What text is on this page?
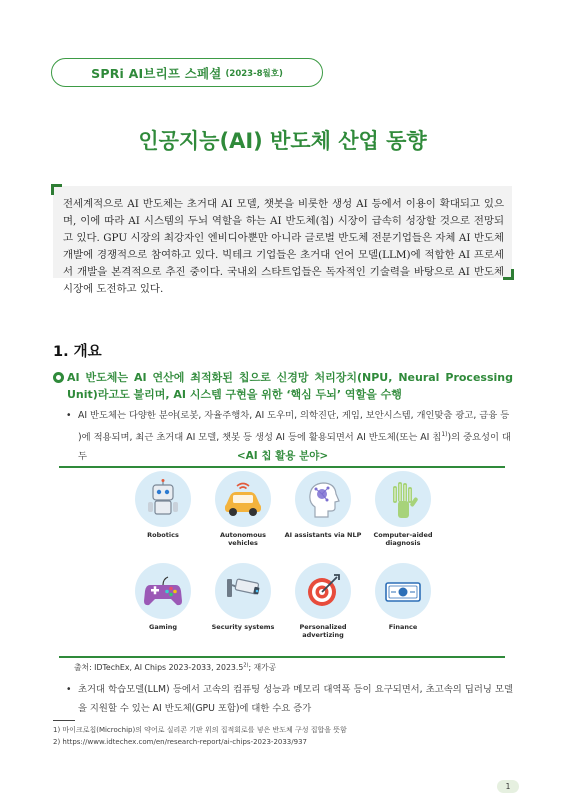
SPRi AI브리프 스페셜 (2023-8월호)
인공지능(AI) 반도체 산업 동향

전세계적으로 AI 반도체는 초거대 AI 모델, 챗봇을 비롯한 생성 AI 등에서 이용이 확대되고 있으며, 이에 따라 AI 시스템의 두뇌 역할을 하는 AI 반도체(칩) 시장이 급속히 성장할 것으로 전망되고 있다. GPU 시장의 최강자인 엔비디아뿐만 아니라 글로벌 반도체 전문기업들은 자체 AI 반도체 개발에 경쟁적으로 참여하고 있다. 빅테크 기업들은 초거대 언어 모델(LLM)에 적합한 AI 프로세서 개발을 본격적으로 추진 중이다. 국내외 스타트업들은 독자적인 기술력을 바탕으로 AI 반도체 시장에 도전하고 있다.

1. 개요

AI 반도체는 AI 연산에 최적화된 칩으로 신경망 처리장치(NPU, Neural Processing Unit)라고도 불리며, AI 시스템 구현을 위한 ‘핵심 두뇌’ 역할을 수행

• AI 반도체는 다양한 분야(로봇, 자율주행차, AI 도우미, 의학진단, 게임, 보안시스템, 개인맞춤 광고, 금융 등 )에 적용되며, 최근 초거대 AI 모델, 챗봇 등 생성 AI 등에 활용되면서 AI 반도체(또는 AI 칩$^{1)}$)의 중요성이 대두	<AI 칩 활용 분야>
Robotics	Autonomous vehicles
AI assistants via NLP	Computer-aided diagnosis
Gaming	Security systems	Personalized advertizing
Finance
출처: IDTechEx, AI Chips 2023-2033, 2023.5$^{2)}$; 재가공
• 초거대 학습모델(LLM) 등에서 고속의 컴퓨팅 성능과 메모리 대역폭 등이 요구되면서, 초고속의 딥러닝 모델을 지원할 수 있는 AI 반도체(GPU 포함)에 대한 수요 증가

1) 마이크로칩(Microchip)의 약어로 실리콘 기판 위의 집적회로를 넣은 반도체 구성 집합을 뜻함
2) https://www.idtechex.com/en/research-report/ai-chips-2023-2033/937
1
